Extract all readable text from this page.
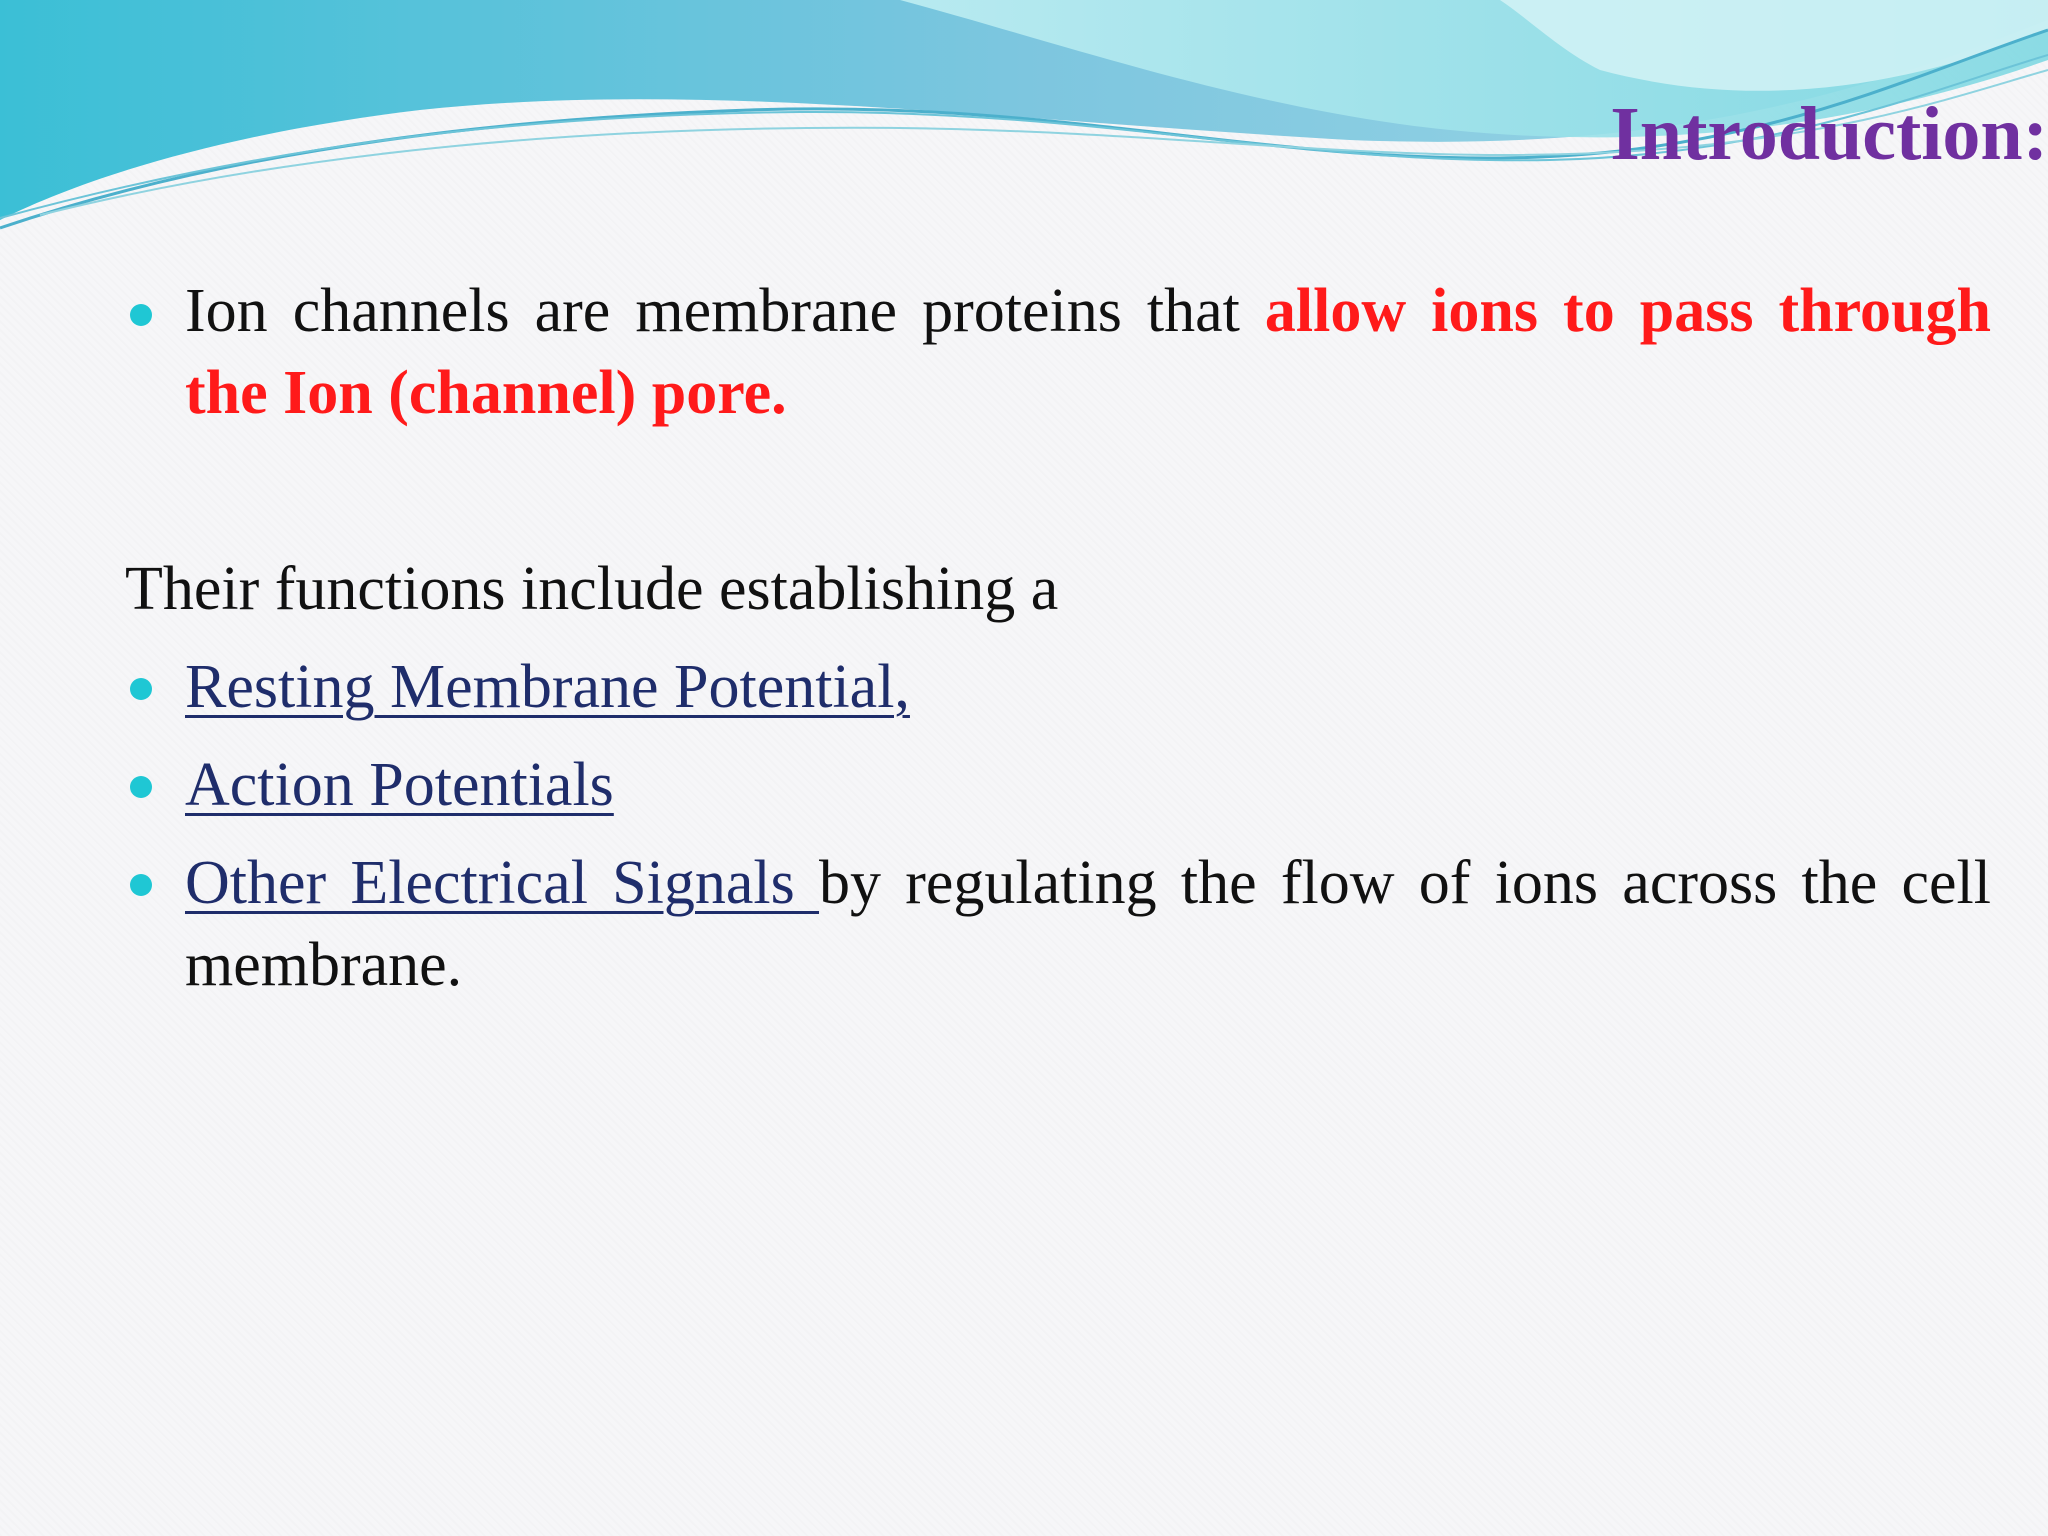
Introduction:
Ion channels are membrane proteins that allow ions to pass through the Ion (channel) pore.
Their functions include establishing a
Resting Membrane Potential,
Action Potentials
Other Electrical Signals by regulating the flow of ions across the cell membrane.
